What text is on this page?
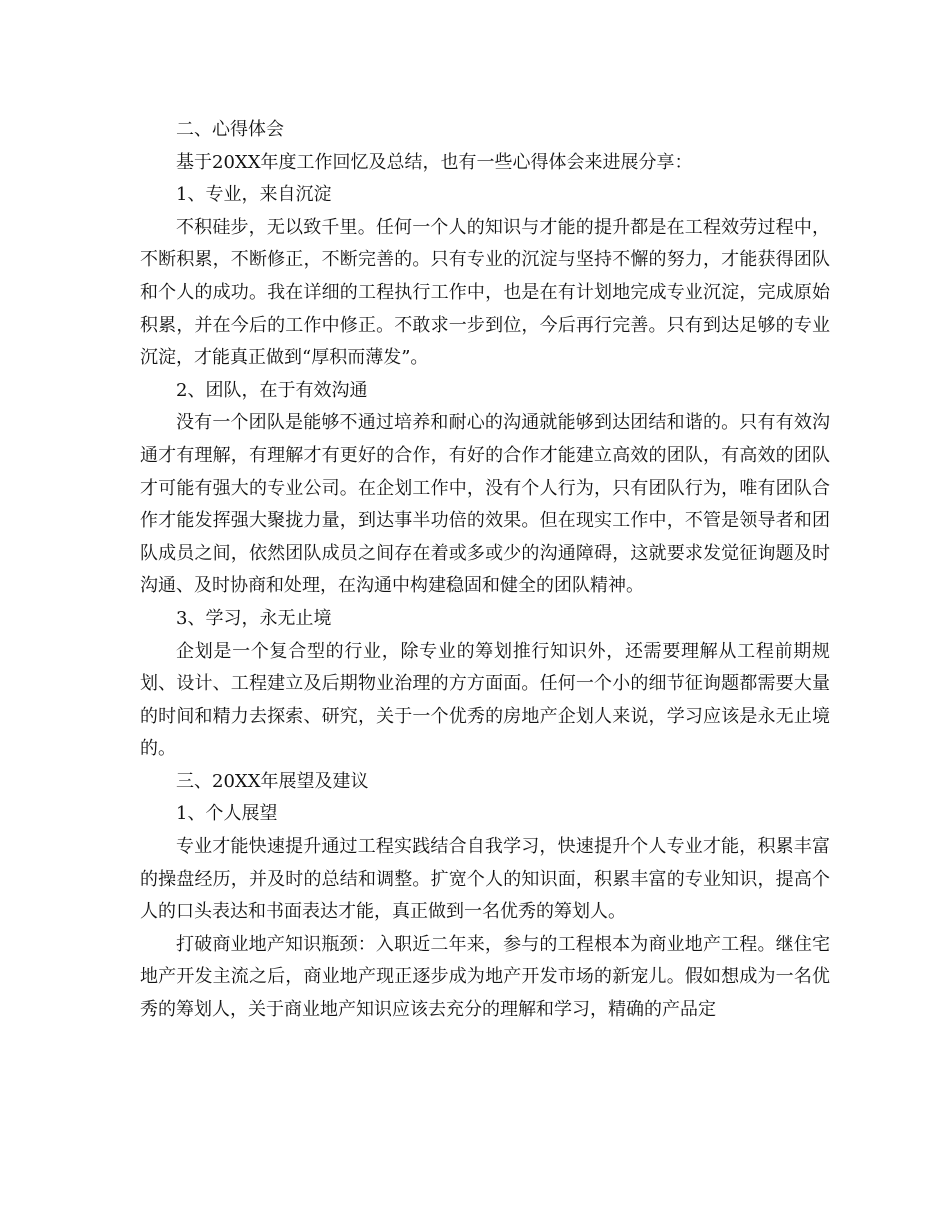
二、心得体会

基于20XX年度工作回忆及总结，也有一些心得体会来进展分享：

1、专业，来自沉淀

不积硅步，无以致千里。任何一个人的知识与才能的提升都是在工程效劳过程中，不断积累，不断修正，不断完善的。只有专业的沉淀与坚持不懈的努力，才能获得团队和个人的成功。我在详细的工程执行工作中，也是在有计划地完成专业沉淀，完成原始积累，并在今后的工作中修正。不敢求一步到位，今后再行完善。只有到达足够的专业沉淀，才能真正做到“厚积而薄发”。

2、团队，在于有效沟通

没有一个团队是能够不通过培养和耐心的沟通就能够到达团结和谐的。只有有效沟通才有理解，有理解才有更好的合作，有好的合作才能建立高效的团队，有高效的团队才可能有强大的专业公司。在企划工作中，没有个人行为，只有团队行为，唯有团队合作才能发挥强大聚拢力量，到达事半功倍的效果。但在现实工作中，不管是领导者和团队成员之间，依然团队成员之间存在着或多或少的沟通障碍，这就要求发觉征询题及时沟通、及时协商和处理，在沟通中构建稳固和健全的团队精神。

3、学习，永无止境

企划是一个复合型的行业，除专业的筹划推行知识外，还需要理解从工程前期规划、设计、工程建立及后期物业治理的方方面面。任何一个小的细节征询题都需要大量的时间和精力去探索、研究，关于一个优秀的房地产企划人来说，学习应该是永无止境的。

三、20XX年展望及建议

1、个人展望

专业才能快速提升通过工程实践结合自我学习，快速提升个人专业才能，积累丰富的操盘经历，并及时的总结和调整。扩宽个人的知识面，积累丰富的专业知识，提高个人的口头表达和书面表达才能，真正做到一名优秀的筹划人。

打破商业地产知识瓶颈：入职近二年来，参与的工程根本为商业地产工程。继住宅地产开发主流之后，商业地产现正逐步成为地产开发市场的新宠儿。假如想成为一名优秀的筹划人，关于商业地产知识应该去充分的理解和学习，精确的产品定
